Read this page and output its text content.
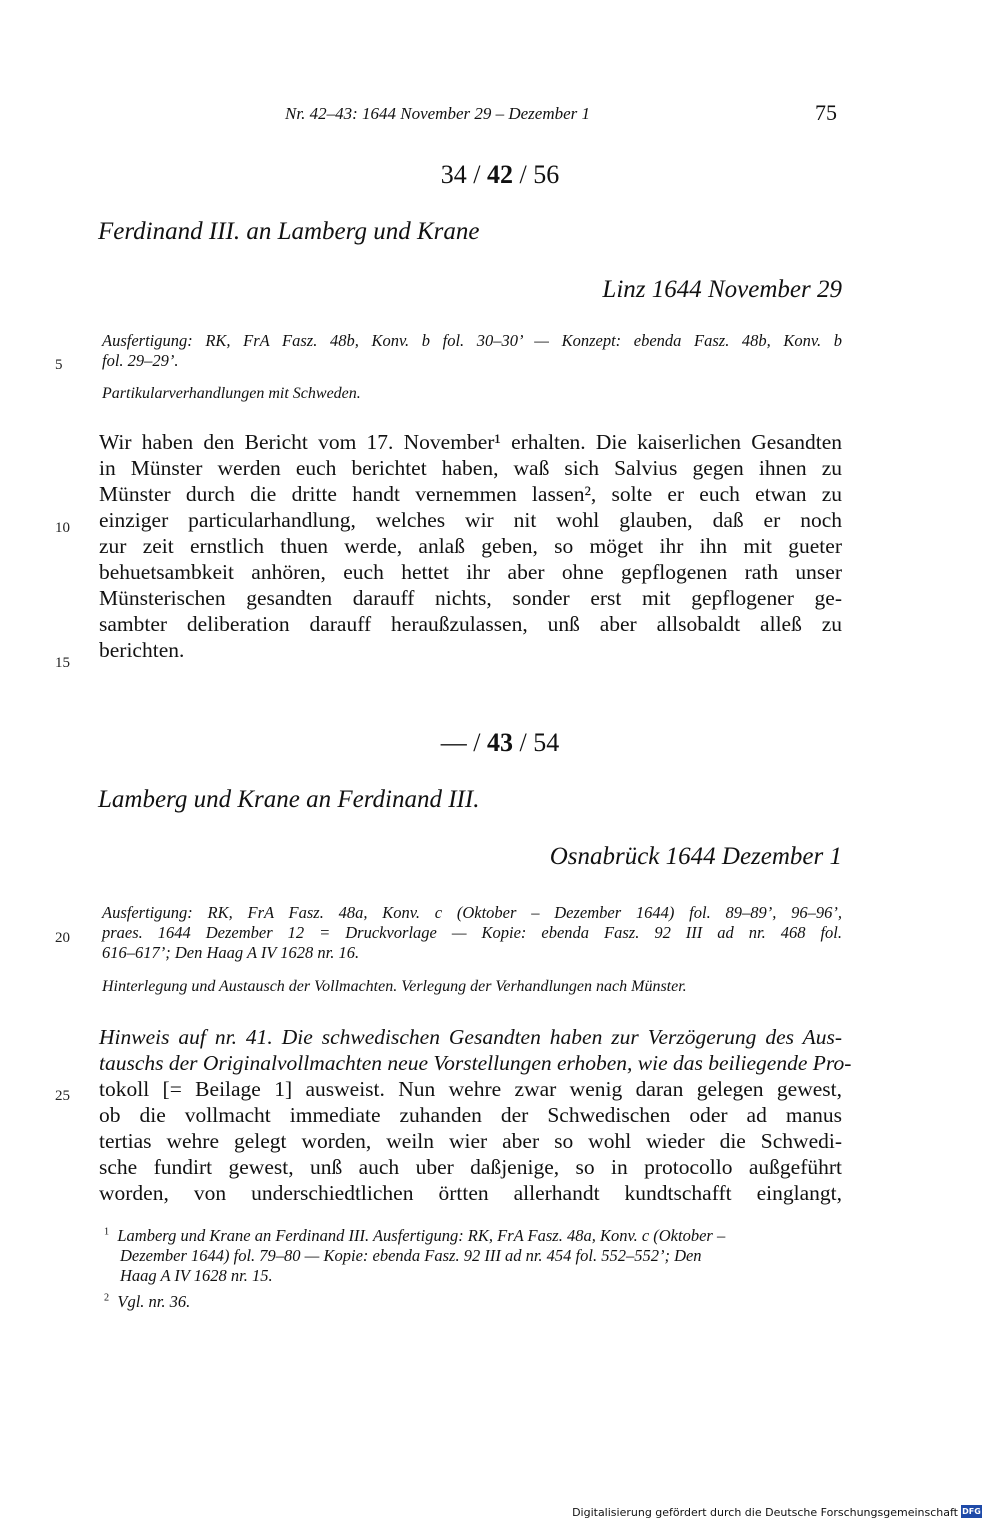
Nr. 42–43: 1644 November 29 – Dezember 1	75
34 / 42 / 56
Ferdinand III. an Lamberg und Krane
Linz 1644 November 29
Ausfertigung: RK, FrA Fasz. 48b, Konv. b fol. 30–30’ — Konzept: ebenda Fasz. 48b, Konv. b
fol. 29–29’.
Partikularverhandlungen mit Schweden.
Wir haben den Bericht vom 17. November¹ erhalten. Die kaiserlichen Gesandten
in Münster werden euch berichtet haben, waß sich Salvius gegen ihnen zu
Münster durch die dritte handt vernemmen lassen², solte er euch etwan zu
einziger particularhandlung, welches wir nit wohl glauben, daß er noch
zur zeit ernstlich thuen werde, anlaß geben, so möget ihr ihn mit gueter
behuetsambkeit anhören, euch hettet ihr aber ohne gepflogenen rath unser
Münsterischen gesandten darauff nichts, sonder erst mit gepflogener ge-
sambter deliberation darauff heraußzulassen, unß aber allsobaldt alleß zu
berichten.
— / 43 / 54
Lamberg und Krane an Ferdinand III.
Osnabrück 1644 Dezember 1
Ausfertigung: RK, FrA Fasz. 48a, Konv. c (Oktober – Dezember 1644) fol. 89–89’, 96–96’,
praes. 1644 Dezember 12 = Druckvorlage — Kopie: ebenda Fasz. 92 III ad nr. 468 fol.
616–617’; Den Haag A IV 1628 nr. 16.
Hinterlegung und Austausch der Vollmachten. Verlegung der Verhandlungen nach Münster.
Hinweis auf nr. 41. Die schwedischen Gesandten haben zur Verzögerung des Aus-
tauschs der Originalvollmachten neue Vorstellungen erhoben, wie das beiliegende Pro-
tokoll [= Beilage 1] ausweist. Nun wehre zwar wenig daran gelegen gewest,
ob die vollmacht immediate zuhanden der Schwedischen oder ad manus
tertias wehre gelegt worden, weiln wier aber so wohl wieder die Schwedi-
sche fundirt gewest, unß auch uber daßjenige, so in protocollo außgeführt
worden, von underschiedtlichen örtten allerhandt kundtschafft einglangt,
5
10
15
20
25
$^1$ Lamberg und Krane an Ferdinand III. Ausfertigung: RK, FrA Fasz. 48a, Konv. c (Oktober –
Dezember 1644) fol. 79–80 — Kopie: ebenda Fasz. 92 III ad nr. 454 fol. 552–552’; Den
Haag A IV 1628 nr. 15.
$^2$ Vgl. nr. 36.
Digitalisierung gefördert durch die Deutsche Forschungsgemeinschaft DFG
